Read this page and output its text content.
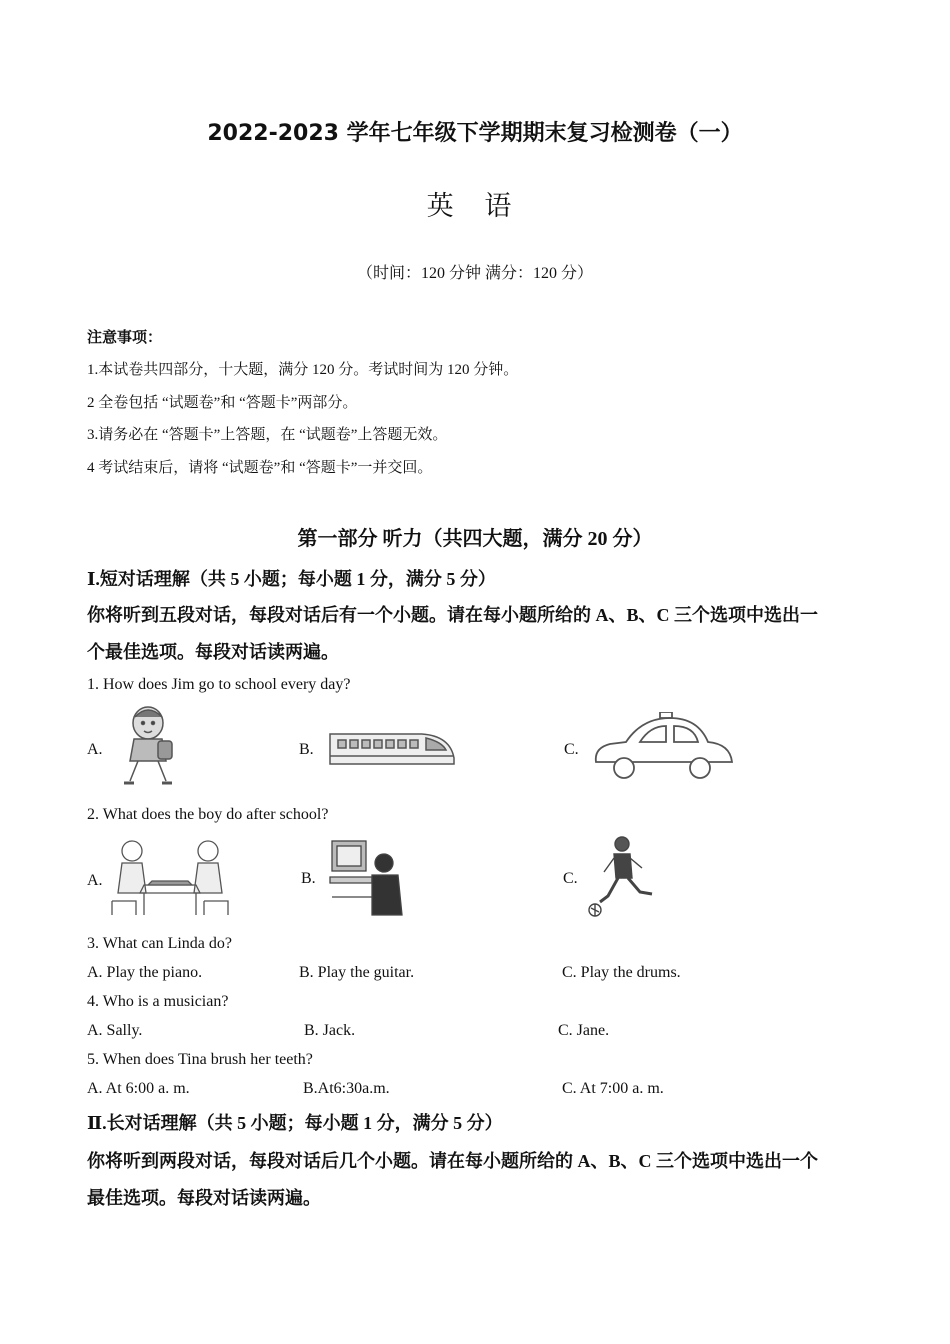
2022-2023 学年七年级下学期期末复习检测卷（一）
英 语
（时间：120 分钟 满分：120 分）
注意事项：
1.本试卷共四部分，十大题，满分 120 分。考试时间为 120 分钟。
2 全卷包括 “试题卷”和 “答题卡”两部分。
3.请务必在 “答题卡”上答题，在 “试题卷”上答题无效。
4 考试结束后，请将 “试题卷”和 “答题卡”一并交回。
第一部分 听力（共四大题，满分 20 分）
Ⅰ.短对话理解（共 5 小题；每小题 1 分，满分 5 分）
你将听到五段对话，每段对话后有一个小题。请在每小题所给的 A、B、C 三个选项中选出一
个最佳选项。每段对话读两遍。
1. How does Jim go to school every day?
A.	B.	C.
2. What does the boy do after school?
A.	B.	C.
3. What can Linda do?
A. Play the piano.	B. Play the guitar.	C. Play the drums.
4. Who is a musician?
A. Sally.	B. Jack.	C. Jane.
5. When does Tina brush her teeth?
A. At 6:00 a. m.	B.At6:30a.m.	C. At 7:00 a. m.
Ⅱ.长对话理解（共 5 小题；每小题 1 分，满分 5 分）
你将听到两段对话，每段对话后几个小题。请在每小题所给的 A、B、C 三个选项中选出一个
最佳选项。每段对话读两遍。
